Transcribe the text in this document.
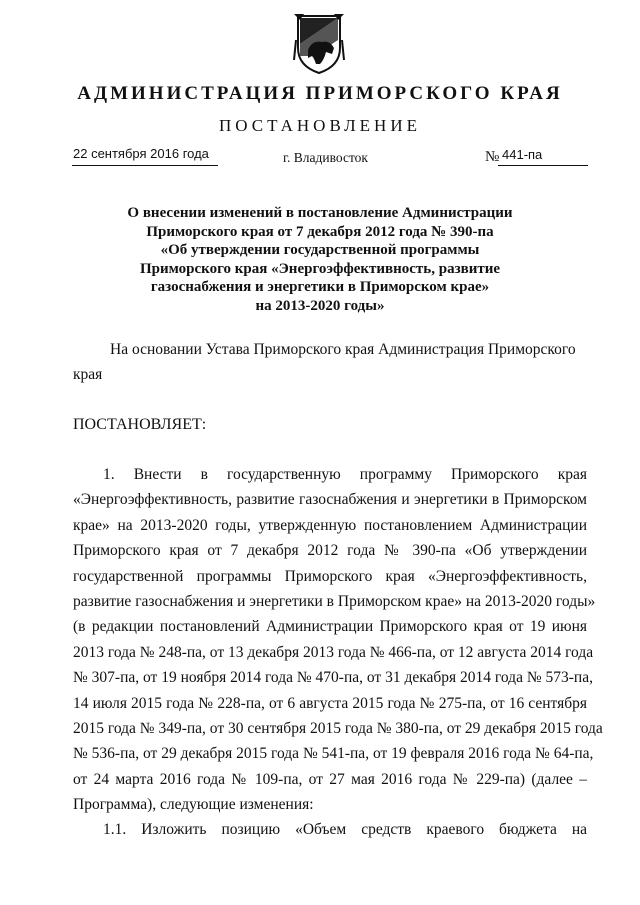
АДМИНИСТРАЦИЯ ПРИМОРСКОГО КРАЯ
ПОСТАНОВЛЕНИЕ
22 сентября 2016 года	г. Владивосток	№ 441-па
О внесении изменений в постановление Администрации
Приморского края от 7 декабря 2012 года № 390-па
«Об утверждении государственной программы
Приморского края «Энергоэффективность, развитие
газоснабжения и энергетики в Приморском крае»
на 2013-2020 годы»
На основании Устава Приморского края Администрация Приморского
края
ПОСТАНОВЛЯЕТ:
1. Внести в государственную программу Приморского края
«Энергоэффективность, развитие газоснабжения и энергетики в Приморском
крае» на 2013-2020 годы, утвержденную постановлением Администрации
Приморского края от 7 декабря 2012 года № 390-па «Об утверждении
государственной программы Приморского края «Энергоэффективность,
развитие газоснабжения и энергетики в Приморском крае» на 2013-2020 годы»
(в редакции постановлений Администрации Приморского края от 19 июня
2013 года № 248-па, от 13 декабря 2013 года № 466-па, от 12 августа 2014 года
№ 307-па, от 19 ноября 2014 года № 470-па, от 31 декабря 2014 года № 573-па,
14 июля 2015 года № 228-па, от 6 августа 2015 года № 275-па, от 16 сентября
2015 года № 349-па, от 30 сентября 2015 года № 380-па, от 29 декабря 2015 года
№ 536-па, от 29 декабря 2015 года № 541-па, от 19 февраля 2016 года № 64-па,
от 24 марта 2016 года № 109-па, от 27 мая 2016 года № 229-па) (далее –
Программа), следующие изменения:
1.1. Изложить позицию «Объем средств краевого бюджета на
